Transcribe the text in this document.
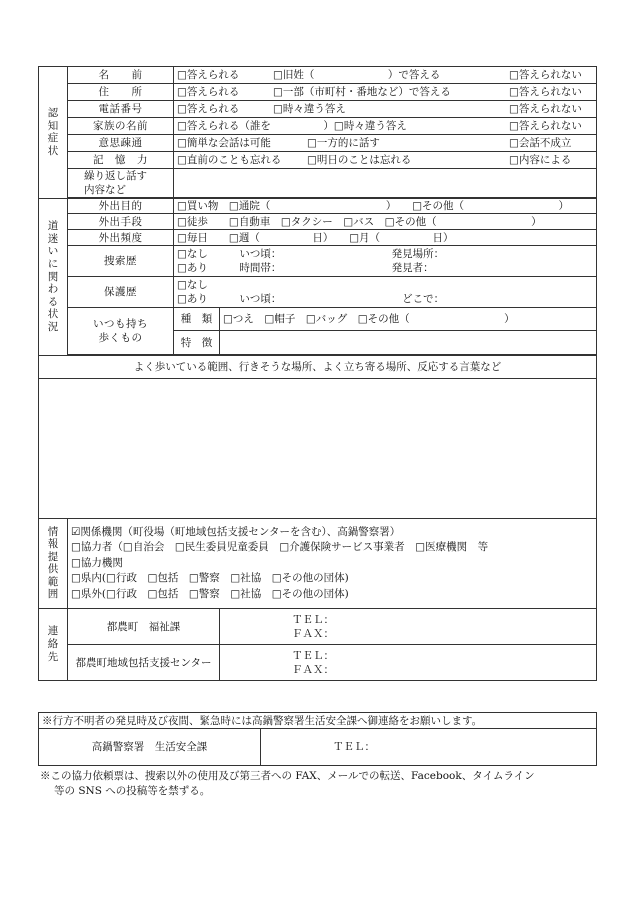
認知症状	名　　前	□答えられる □旧姓（　　　　　　　）で答える □答えられない	

	住　　所	□答えられる □一部（市町村・番地など）で答える □答えられない	

	電話番号	□答えられる □時々違う答え □答えられない	

	家族の名前	□答えられる（誰を　　　　　）□時々違う答え □答えられない	

	意思疎通	□簡単な会話は可能 □一方的に話す □会話不成立	

	記　憶　力	□直前のことも忘れる □明日のことは忘れる □内容による	

	繰り返し話す
内容など		

道迷いに関わる状況	外出目的	□買い物　□通院（　　　　　　　　　　　）　　□その他（　　　　　　　　　）	
	外出手段	□徒歩　　□自動車　□タクシー　□バス　□その他（　　　　　　　　　）	
	外出頻度	□毎日　　□週（　　　　　日）　　□月（　　　　　日）	
	捜索歴	□なし　　　いつ頃：　　　　　　　　　　　発見場所：
□あり　　　時間帯：　　　　　　　　　　　発見者：	

	保護歴	□なし
□あり　　　いつ頃：　　　　　　　　　　　　どこで：	

	いつも持ち
歩くもの	種　類	□つえ　□帽子　□バッグ　□その他（　　　　　　　　　）
		特　徴	

よく歩いている範囲、行きそうな場所、よく立ち寄る場所、反応する言葉など			

情報提供範囲	☑関係機関（町役場（町地域包括支援センターを含む）、高鍋警察署）
□協力者（□自治会　□民生委員児童委員　□介護保険サービス事業者　□医療機関　等
□協力機関
□県内(□行政　□包括　□警察　□社協　□その他の団体)
□県外(□行政　□包括　□警察　□社協　□その他の団体)		

連絡先	都農町　福祉課		ＴＥＬ：
ＦＡＸ：

	都農町地域包括支援センター		ＴＥＬ：
ＦＡＸ：
※行方不明者の発見時及び夜間、緊急時には高鍋警察署生活安全課へ御連絡をお願いします。
高鍋警察署　生活安全課	ＴＥＬ：
※この協力依頼票は、捜索以外の使用及び第三者への FAX、メールでの転送、Facebook、タイムライン
等の SNS への投稿等を禁ずる。
